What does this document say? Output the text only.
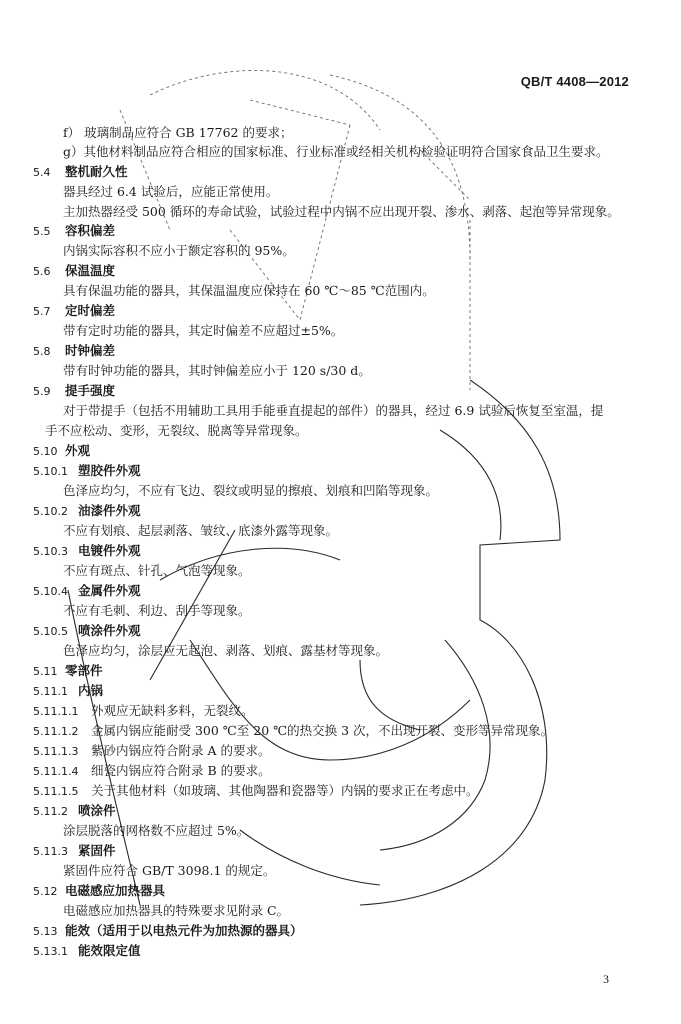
QB/T 4408—2012
f） 玻璃制品应符合 GB 17762 的要求；
g）其他材料制品应符合相应的国家标准、行业标准或经相关机构检验证明符合国家食品卫生要求。
5.4 整机耐久性
器具经过 6.4 试验后，应能正常使用。
主加热器经受 500 循环的寿命试验，试验过程中内锅不应出现开裂、渗水、剥落、起泡等异常现象。
5.5 容积偏差
内锅实际容积不应小于额定容积的 95%。
5.6 保温温度
具有保温功能的器具，其保温温度应保持在 60 ℃～85 ℃范围内。
5.7 定时偏差
带有定时功能的器具，其定时偏差不应超过±5%。
5.8 时钟偏差
带有时钟功能的器具，其时钟偏差应小于 120 s/30 d。
5.9 提手强度
对于带提手（包括不用辅助工具用手能垂直提起的部件）的器具，经过 6.9 试验后恢复至室温，提
手不应松动、变形，无裂纹、脱离等异常现象。
5.10 外观
5.10.1 塑胶件外观
色泽应均匀，不应有飞边、裂纹或明显的擦痕、划痕和凹陷等现象。
5.10.2 油漆件外观
不应有划痕、起层剥落、皱纹、底漆外露等现象。
5.10.3 电镀件外观
不应有斑点、针孔、气泡等现象。
5.10.4 金属件外观
不应有毛刺、利边、刮手等现象。
5.10.5 喷涂件外观
色泽应均匀，涂层应无起泡、剥落、划痕、露基材等现象。
5.11 零部件
5.11.1 内锅
5.11.1.1 外观应无缺料多料，无裂纹。
5.11.1.2 金属内锅应能耐受 300 ℃至 20 ℃的热交换 3 次，不出现开裂、变形等异常现象。
5.11.1.3 紫砂内锅应符合附录 A 的要求。
5.11.1.4 细瓷内锅应符合附录 B 的要求。
5.11.1.5 关于其他材料（如玻璃、其他陶器和瓷器等）内锅的要求正在考虑中。
5.11.2 喷涂件
涂层脱落的网格数不应超过 5%。
5.11.3 紧固件
紧固件应符合 GB/T 3098.1 的规定。
5.12 电磁感应加热器具
电磁感应加热器具的特殊要求见附录 C。
5.13 能效（适用于以电热元件为加热源的器具）
5.13.1 能效限定值
3
